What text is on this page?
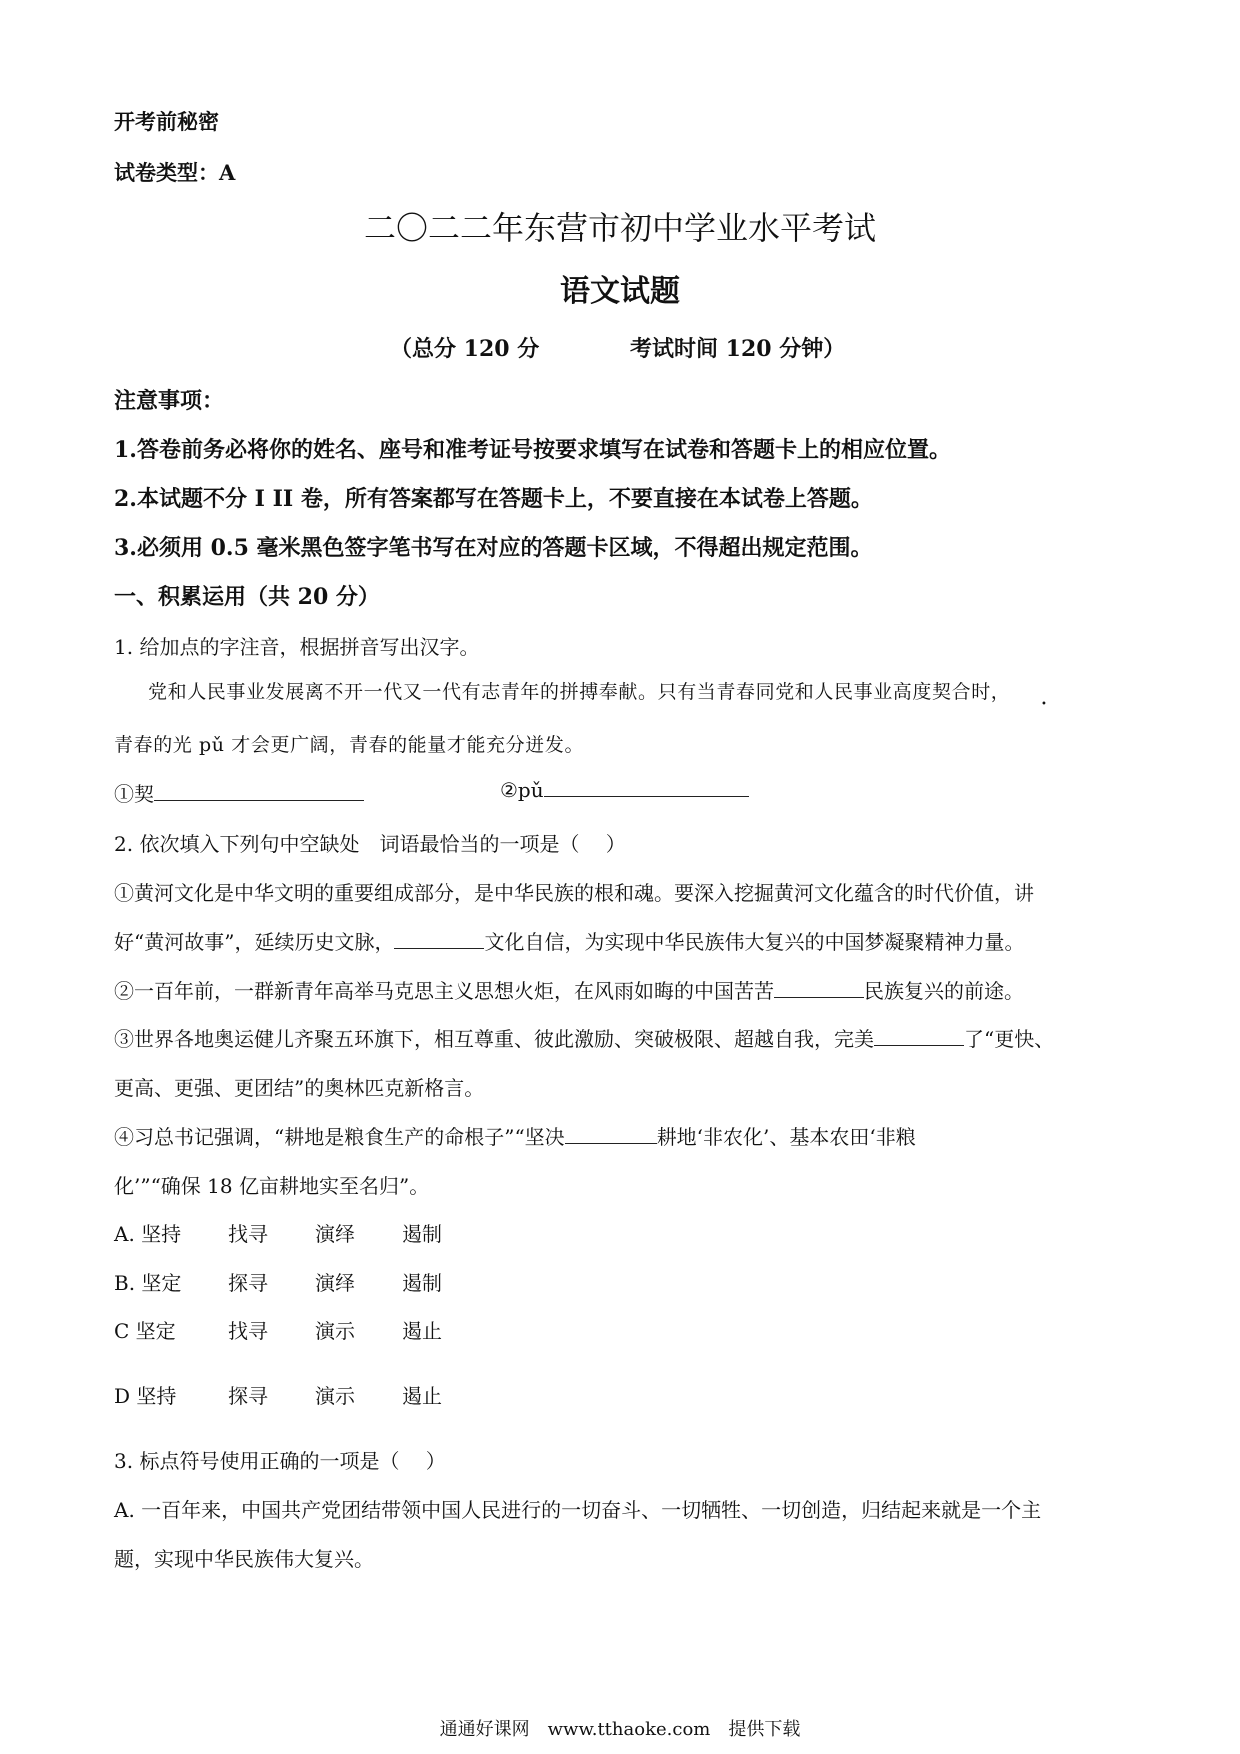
开考前秘密
试卷类型：A
二〇二二年东营市初中学业水平考试
语文试题
（总分 120 分	考试时间 120 分钟）
注意事项：
1.答卷前务必将你的姓名、座号和准考证号按要求填写在试卷和答题卡上的相应位置。
2.本试题不分 I II 卷，所有答案都写在答题卡上，不要直接在本试卷上答题。
3.必须用 0.5 毫米黑色签字笔书写在对应的答题卡区域，不得超出规定范围。
一、积累运用（共 20 分）
1. 给加点的字注音，根据拼音写出汉字。
党和人民事业发展离不开一代又一代有志青年的拼搏奉献。只有当青春同党和人民事业高度契合时，
•
青春的光 pǔ 才会更广阔，青春的能量才能充分迸发。
①契	②pǔ
2. 依次填入下列句中空缺处　词语最恰当的一项是（　 ）
①黄河文化是中华文明的重要组成部分，是中华民族的根和魂。要深入挖掘黄河文化蕴含的时代价值，讲
好“黄河故事”，延续历史文脉，	文化自信，为实现中华民族伟大复兴的中国梦凝聚精神力量。
②一百年前，一群新青年高举马克思主义思想火炬，在风雨如晦的中国苦苦	民族复兴的前途。
③世界各地奥运健儿齐聚五环旗下，相互尊重、彼此激励、突破极限、超越自我，完美	了“更快、
更高、更强、更团结”的奥林匹克新格言。
④习总书记强调，“耕地是粮食生产的命根子”“坚决	耕地‘非农化’、基本农田‘非粮
化’”“确保 18 亿亩耕地实至名归”。
A. 坚持 找寻 演绎 遏制
B. 坚定 探寻 演绎 遏制
C 坚定	找寻 演示 遏止
D 坚持	探寻 演示 遏止
3. 标点符号使用正确的一项是（　 ）
A. 一百年来，中国共产党团结带领中国人民进行的一切奋斗、一切牺牲、一切创造，归结起来就是一个主
题，实现中华民族伟大复兴。
通通好课网　www.tthaoke.com　提供下载
